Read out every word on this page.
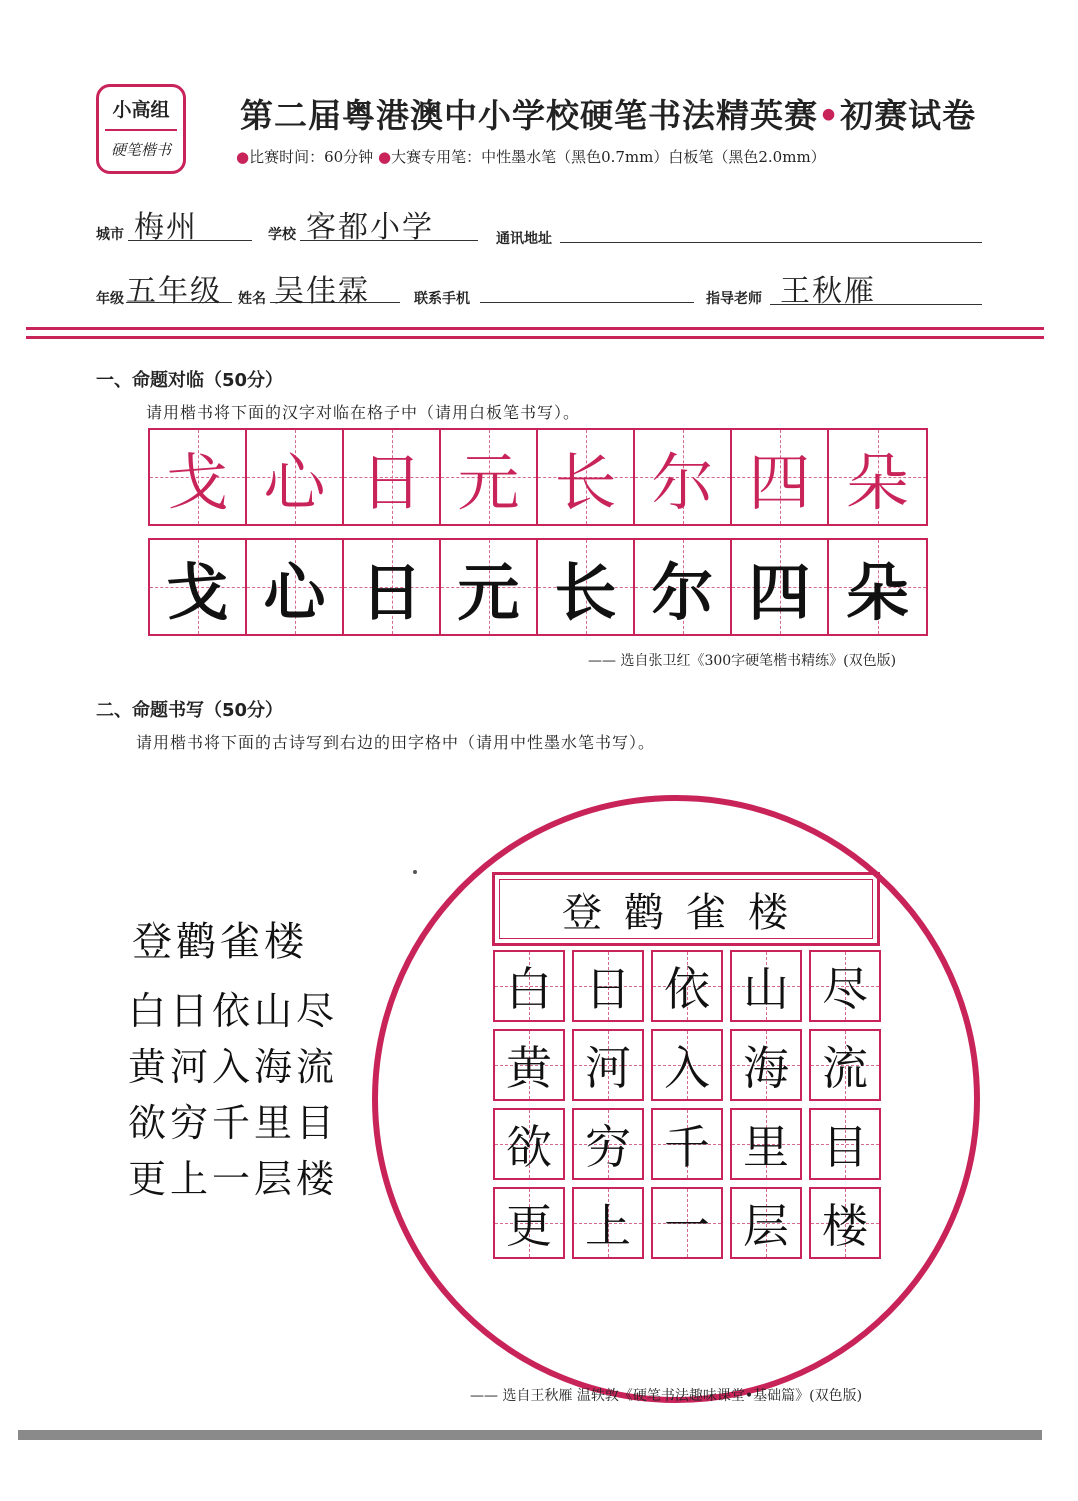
小高组
硬笔楷书
第二届粤港澳中小学校硬笔书法精英赛•初赛试卷
●比赛时间：60分钟 ●大赛专用笔：中性墨水笔（黑色0.7mm）白板笔（黑色2.0mm）
城市 梅州	学校 客都小学	通讯地址
年级 五年级 姓名 吴佳霖	联系手机	指导老师 王秋雁
一、命题对临（50分）
请用楷书将下面的汉字对临在格子中（请用白板笔书写）。
戈 心 日 元 长 尔 四 朵
戈 心 日 元 长 尔 四 朵
—— 选自张卫红《300字硬笔楷书精练》(双色版)
二、命题书写（50分）
请用楷书将下面的古诗写到右边的田字格中（请用中性墨水笔书写）。
登鹳雀楼
白日依山尽
黄河入海流
欲穷千里目
更上一层楼
登鹳雀楼
白 日 依 山 尽
黄 河 入 海 流
欲 穷 千 里 目
更 上 一 层 楼
—— 选自王秋雁 温轶敦《硬笔书法趣味课堂•基础篇》(双色版)
